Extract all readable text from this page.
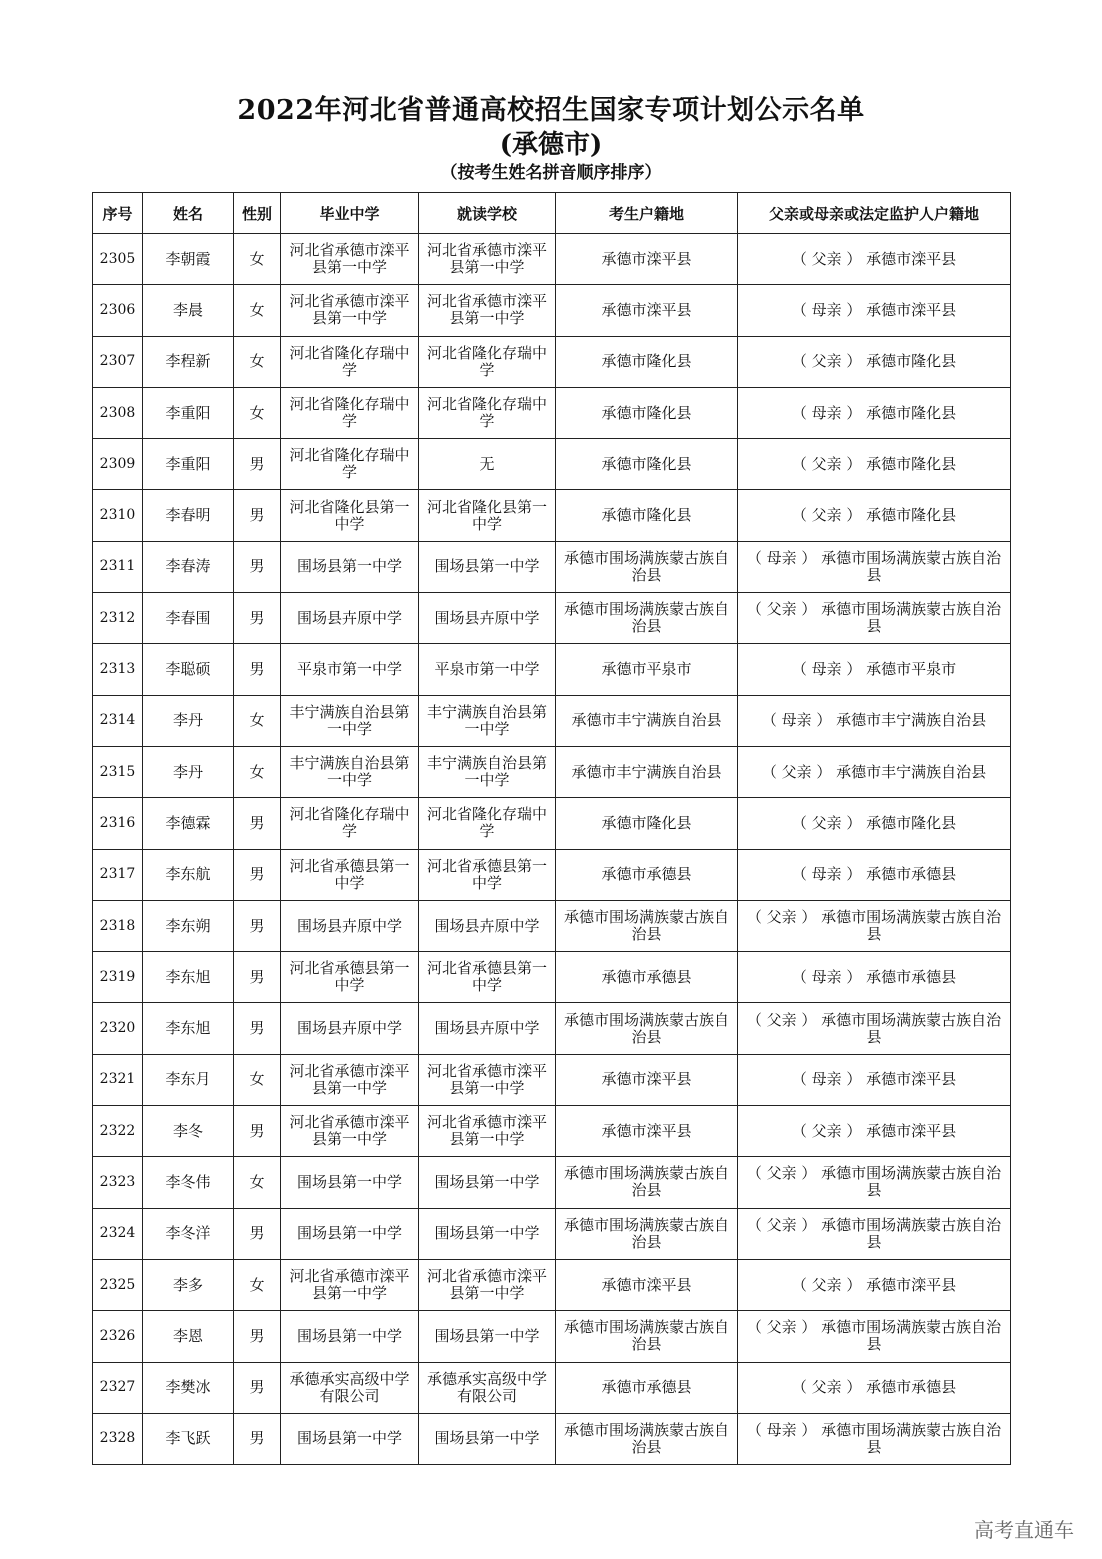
2022年河北省普通高校招生国家专项计划公示名单
(承德市)
（按考生姓名拼音顺序排序）
序号	姓名	性别	毕业中学	就读学校	考生户籍地	父亲或母亲或法定监护人户籍地
2305	李朝霞	女	河北省承德市滦平县第一中学	河北省承德市滦平县第一中学	承德市滦平县	（ 父亲 ） 承德市滦平县
2306	李晨	女	河北省承德市滦平县第一中学	河北省承德市滦平县第一中学	承德市滦平县	（ 母亲 ） 承德市滦平县
2307	李程新	女	河北省隆化存瑞中学	河北省隆化存瑞中学	承德市隆化县	（ 父亲 ） 承德市隆化县
2308	李重阳	女	河北省隆化存瑞中学	河北省隆化存瑞中学	承德市隆化县	（ 母亲 ） 承德市隆化县
2309	李重阳	男	河北省隆化存瑞中学	无	承德市隆化县	（ 父亲 ） 承德市隆化县
2310	李春明	男	河北省隆化县第一中学	河北省隆化县第一中学	承德市隆化县	（ 父亲 ） 承德市隆化县
2311	李春涛	男	围场县第一中学	围场县第一中学	承德市围场满族蒙古族自治县	（ 母亲 ） 承德市围场满族蒙古族自治县
2312	李春围	男	围场县卉原中学	围场县卉原中学	承德市围场满族蒙古族自治县	（ 父亲 ） 承德市围场满族蒙古族自治县
2313	李聪硕	男	平泉市第一中学	平泉市第一中学	承德市平泉市	（ 母亲 ） 承德市平泉市
2314	李丹	女	丰宁满族自治县第一中学	丰宁满族自治县第一中学	承德市丰宁满族自治县	（ 母亲 ） 承德市丰宁满族自治县
2315	李丹	女	丰宁满族自治县第一中学	丰宁满族自治县第一中学	承德市丰宁满族自治县	（ 父亲 ） 承德市丰宁满族自治县
2316	李德霖	男	河北省隆化存瑞中学	河北省隆化存瑞中学	承德市隆化县	（ 父亲 ） 承德市隆化县
2317	李东航	男	河北省承德县第一中学	河北省承德县第一中学	承德市承德县	（ 母亲 ） 承德市承德县
2318	李东朔	男	围场县卉原中学	围场县卉原中学	承德市围场满族蒙古族自治县	（ 父亲 ） 承德市围场满族蒙古族自治县
2319	李东旭	男	河北省承德县第一中学	河北省承德县第一中学	承德市承德县	（ 母亲 ） 承德市承德县
2320	李东旭	男	围场县卉原中学	围场县卉原中学	承德市围场满族蒙古族自治县	（ 父亲 ） 承德市围场满族蒙古族自治县
2321	李东月	女	河北省承德市滦平县第一中学	河北省承德市滦平县第一中学	承德市滦平县	（ 母亲 ） 承德市滦平县
2322	李冬	男	河北省承德市滦平县第一中学	河北省承德市滦平县第一中学	承德市滦平县	（ 父亲 ） 承德市滦平县
2323	李冬伟	女	围场县第一中学	围场县第一中学	承德市围场满族蒙古族自治县	（ 父亲 ） 承德市围场满族蒙古族自治县
2324	李冬洋	男	围场县第一中学	围场县第一中学	承德市围场满族蒙古族自治县	（ 父亲 ） 承德市围场满族蒙古族自治县
2325	李多	女	河北省承德市滦平县第一中学	河北省承德市滦平县第一中学	承德市滦平县	（ 父亲 ） 承德市滦平县
2326	李恩	男	围场县第一中学	围场县第一中学	承德市围场满族蒙古族自治县	（ 父亲 ） 承德市围场满族蒙古族自治县
2327	李樊冰	男	承德承实高级中学有限公司	承德承实高级中学有限公司	承德市承德县	（ 父亲 ） 承德市承德县
2328	李飞跃	男	围场县第一中学	围场县第一中学	承德市围场满族蒙古族自治县	（ 母亲 ） 承德市围场满族蒙古族自治县
高考直通车
